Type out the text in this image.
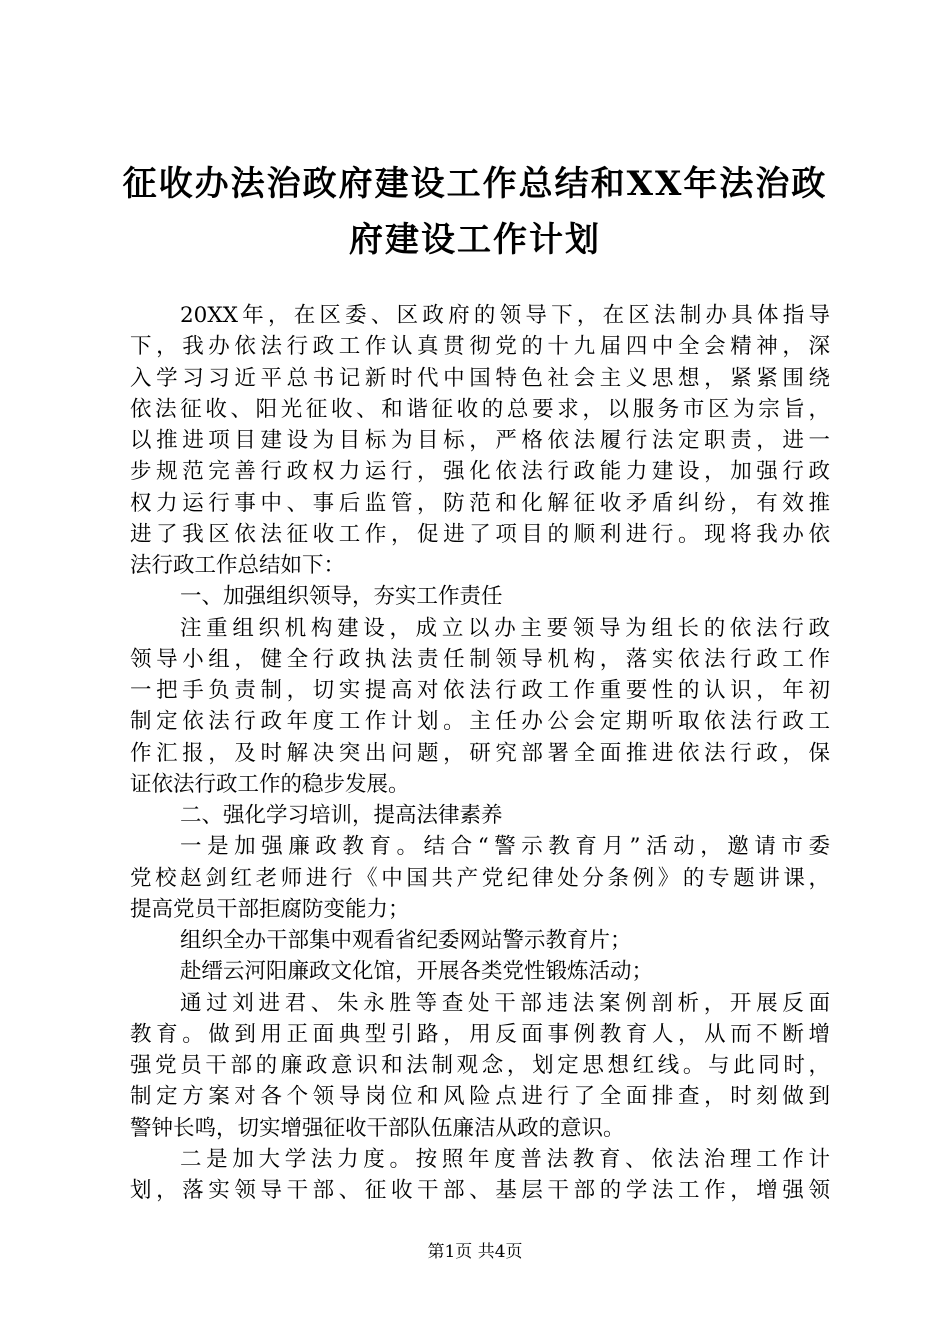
征收办法治政府建设工作总结和XX年法治政
府建设工作计划
20XX年，在区委、区政府的领导下，在区法制办具体指导
下，我办依法行政工作认真贯彻党的十九届四中全会精神，深
入学习习近平总书记新时代中国特色社会主义思想，紧紧围绕
依法征收、阳光征收、和谐征收的总要求，以服务市区为宗旨，
以推进项目建设为目标为目标，严格依法履行法定职责，进一
步规范完善行政权力运行，强化依法行政能力建设，加强行政
权力运行事中、事后监管，防范和化解征收矛盾纠纷，有效推
进了我区依法征收工作，促进了项目的顺利进行。现将我办依
法行政工作总结如下：
一、加强组织领导，夯实工作责任
注重组织机构建设，成立以办主要领导为组长的依法行政
领导小组，健全行政执法责任制领导机构，落实依法行政工作
一把手负责制，切实提高对依法行政工作重要性的认识，年初
制定依法行政年度工作计划。主任办公会定期听取依法行政工
作汇报，及时解决突出问题，研究部署全面推进依法行政，保
证依法行政工作的稳步发展。
二、强化学习培训，提高法律素养
一是加强廉政教育。结合“警示教育月”活动，邀请市委
党校赵剑红老师进行《中国共产党纪律处分条例》的专题讲课，
提高党员干部拒腐防变能力；
组织全办干部集中观看省纪委网站警示教育片；
赴缙云河阳廉政文化馆，开展各类党性锻炼活动；
通过刘进君、朱永胜等查处干部违法案例剖析，开展反面
教育。做到用正面典型引路，用反面事例教育人，从而不断增
强党员干部的廉政意识和法制观念，划定思想红线。与此同时，
制定方案对各个领导岗位和风险点进行了全面排查，时刻做到
警钟长鸣，切实增强征收干部队伍廉洁从政的意识。
二是加大学法力度。按照年度普法教育、依法治理工作计
划，落实领导干部、征收干部、基层干部的学法工作，增强领
第1页 共4页
